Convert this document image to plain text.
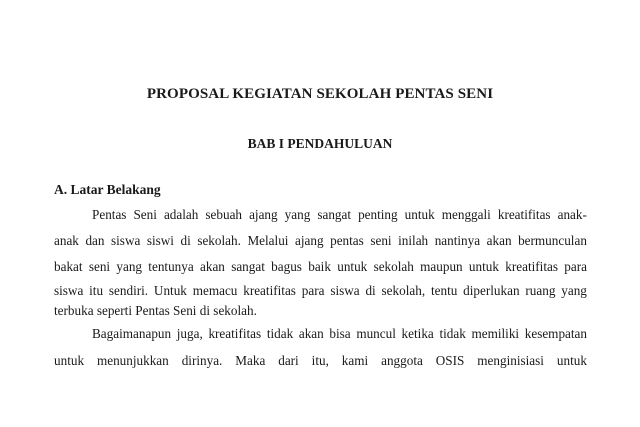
PROPOSAL KEGIATAN SEKOLAH PENTAS SENI
BAB I PENDAHULUAN
A. Latar Belakang
Pentas Seni adalah sebuah ajang yang sangat penting untuk menggali kreatifitas anak-
anak dan siswa siswi di sekolah. Melalui ajang pentas seni inilah nantinya akan bermunculan
bakat seni yang tentunya akan sangat bagus baik untuk sekolah maupun untuk kreatifitas para
siswa itu sendiri. Untuk memacu kreatifitas para siswa di sekolah, tentu diperlukan ruang yang
terbuka seperti Pentas Seni di sekolah.
Bagaimanapun juga, kreatifitas tidak akan bisa muncul ketika tidak memiliki kesempatan
untuk menunjukkan dirinya. Maka dari itu, kami anggota OSIS menginisiasi untuk
